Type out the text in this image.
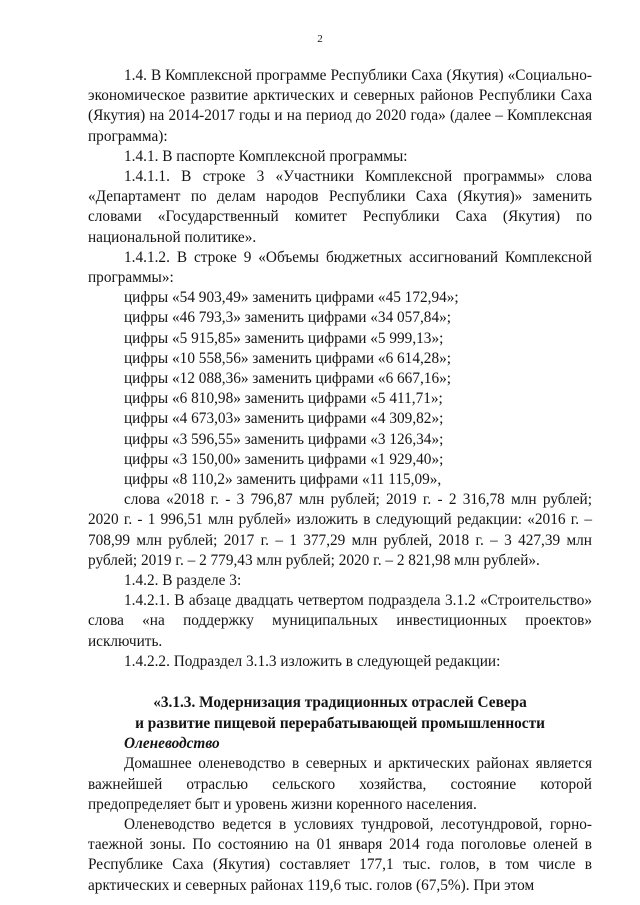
2

1.4. В Комплексной программе Республики Саха (Якутия) «Социально-экономическое развитие арктических и северных районов Республики Саха (Якутия) на 2014-2017 годы и на период до 2020 года» (далее – Комплексная программа):

1.4.1. В паспорте Комплексной программы:

1.4.1.1. В строке 3 «Участники Комплексной программы» слова «Департамент по делам народов Республики Саха (Якутия)» заменить словами «Государственный комитет Республики Саха (Якутия) по национальной политике».

1.4.1.2. В строке 9 «Объемы бюджетных ассигнований Комплексной программы»:

цифры «54 903,49» заменить цифрами «45 172,94»;
цифры «46 793,3» заменить цифрами «34 057,84»;
цифры «5 915,85» заменить цифрами «5 999,13»;
цифры «10 558,56» заменить цифрами «6 614,28»;
цифры «12 088,36» заменить цифрами «6 667,16»;
цифры «6 810,98» заменить цифрами «5 411,71»;
цифры «4 673,03» заменить цифрами «4 309,82»;
цифры «3 596,55» заменить цифрами «3 126,34»;
цифры «3 150,00» заменить цифрами «1 929,40»;
цифры «8 110,2» заменить цифрами «11 115,09»,

слова «2018 г. - 3 796,87 млн рублей; 2019 г. - 2 316,78 млн рублей; 2020 г. - 1 996,51 млн рублей» изложить в следующий редакции: «2016 г. – 708,99 млн рублей; 2017 г. – 1 377,29 млн рублей, 2018 г. – 3 427,39 млн рублей; 2019 г. – 2 779,43 млн рублей; 2020 г. – 2 821,98 млн рублей».

1.4.2. В разделе 3:

1.4.2.1. В абзаце двадцать четвертом подраздела 3.1.2 «Строительство» слова «на поддержку муниципальных инвестиционных проектов» исключить.

1.4.2.2. Подраздел 3.1.3 изложить в следующей редакции:

«3.1.3. Модернизация традиционных отраслей Севера

и развитие пищевой перерабатывающей промышленности

Оленеводство

Домашнее оленеводство в северных и арктических районах является важнейшей отраслью сельского хозяйства, состояние которой предопределяет быт и уровень жизни коренного населения.

Оленеводство ведется в условиях тундровой, лесотундровой, горно-таежной зоны. По состоянию на 01 января 2014 года поголовье оленей в Республике Саха (Якутия) составляет 177,1 тыс. голов, в том числе в арктических и северных районах 119,6 тыс. голов (67,5%). При этом
